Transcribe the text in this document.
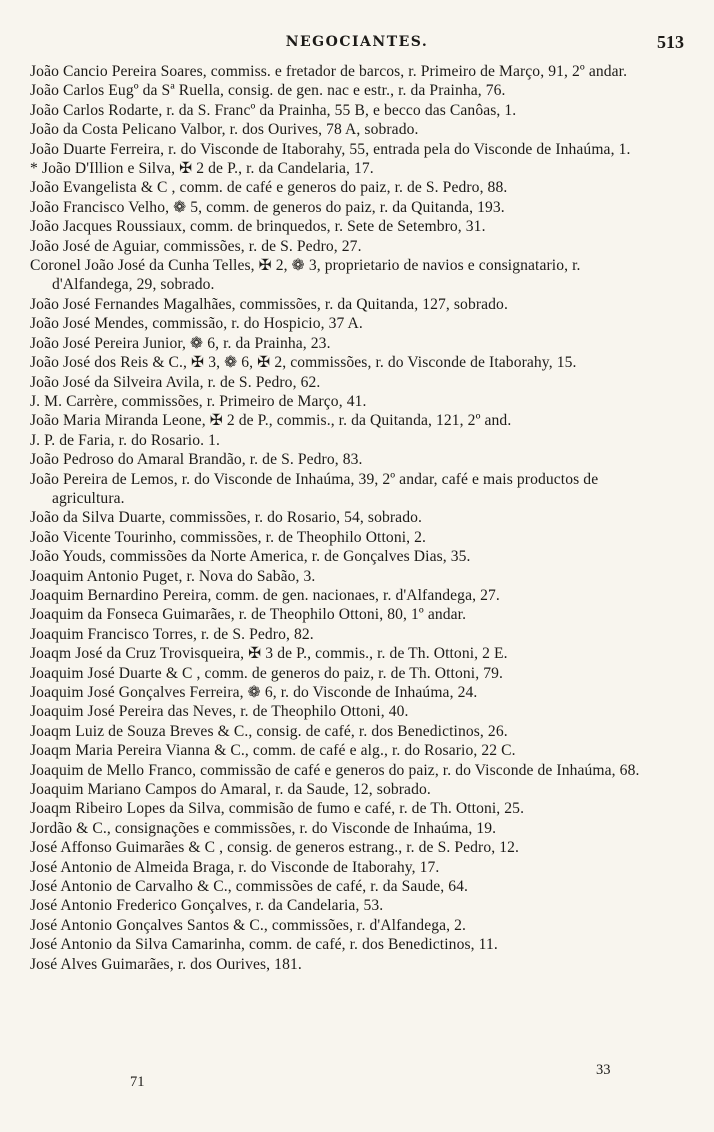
NEGOCIANTES.	513
João Cancio Pereira Soares, commiss. e fretador de barcos, r. Primeiro de Março, 91, 2º andar.
João Carlos Eugº da Sª Ruella, consig. de gen. nac e estr., r. da Prainha, 76.
João Carlos Rodarte, r. da S. Francº da Prainha, 55 B, e becco das Canôas, 1.
João da Costa Pelicano Valbor, r. dos Ourives, 78 A, sobrado.
João Duarte Ferreira, r. do Visconde de Itaborahy, 55, entrada pela do Visconde de Inhaúma, 1.
* João D'Illion e Silva, ✠ 2 de P., r. da Candelaria, 17.
João Evangelista & C , comm. de café e generos do paiz, r. de S. Pedro, 88.
João Francisco Velho, ❁ 5, comm. de generos do paiz, r. da Quitanda, 193.
João Jacques Roussiaux, comm. de brinquedos, r. Sete de Setembro, 31.
João José de Aguiar, commissões, r. de S. Pedro, 27.
Coronel João José da Cunha Telles, ✠ 2, ❁ 3, proprietario de navios e consignatario, r. d'Alfandega, 29, sobrado.
João José Fernandes Magalhães, commissões, r. da Quitanda, 127, sobrado.
João José Mendes, commissão, r. do Hospicio, 37 A.
João José Pereira Junior, ❁ 6, r. da Prainha, 23.
João José dos Reis & C., ✠ 3, ❁ 6, ✠ 2, commissões, r. do Visconde de Itaborahy, 15.
João José da Silveira Avila, r. de S. Pedro, 62.
J. M. Carrère, commissões, r. Primeiro de Março, 41.
João Maria Miranda Leone, ✠ 2 de P., commis., r. da Quitanda, 121, 2º and.
J. P. de Faria, r. do Rosario. 1.
João Pedroso do Amaral Brandão, r. de S. Pedro, 83.
João Pereira de Lemos, r. do Visconde de Inhaúma, 39, 2º andar, café e mais productos de agricultura.
João da Silva Duarte, commissões, r. do Rosario, 54, sobrado.
João Vicente Tourinho, commissões, r. de Theophilo Ottoni, 2.
João Youds, commissões da Norte America, r. de Gonçalves Dias, 35.
Joaquim Antonio Puget, r. Nova do Sabão, 3.
Joaquim Bernardino Pereira, comm. de gen. nacionaes, r. d'Alfandega, 27.
Joaquim da Fonseca Guimarães, r. de Theophilo Ottoni, 80, 1º andar.
Joaquim Francisco Torres, r. de S. Pedro, 82.
Joaqm José da Cruz Trovisqueira, ✠ 3 de P., commis., r. de Th. Ottoni, 2 E.
Joaquim José Duarte & C , comm. de generos do paiz, r. de Th. Ottoni, 79.
Joaquim José Gonçalves Ferreira, ❁ 6, r. do Visconde de Inhaúma, 24.
Joaquim José Pereira das Neves, r. de Theophilo Ottoni, 40.
Joaqm Luiz de Souza Breves & C., consig. de café, r. dos Benedictinos, 26.
Joaqm Maria Pereira Vianna & C., comm. de café e alg., r. do Rosario, 22 C.
Joaquim de Mello Franco, commissão de café e generos do paiz, r. do Visconde de Inhaúma, 68.
Joaquim Mariano Campos do Amaral, r. da Saude, 12, sobrado.
Joaqm Ribeiro Lopes da Silva, commisão de fumo e café, r. de Th. Ottoni, 25.
Jordão & C., consignações e commissões, r. do Visconde de Inhaúma, 19.
José Affonso Guimarães & C , consig. de generos estrang., r. de S. Pedro, 12.
José Antonio de Almeida Braga, r. do Visconde de Itaborahy, 17.
José Antonio de Carvalho & C., commissões de café, r. da Saude, 64.
José Antonio Frederico Gonçalves, r. da Candelaria, 53.
José Antonio Gonçalves Santos & C., commissões, r. d'Alfandega, 2.
José Antonio da Silva Camarinha, comm. de café, r. dos Benedictinos, 11.
José Alves Guimarães, r. dos Ourives, 181.
71
33
